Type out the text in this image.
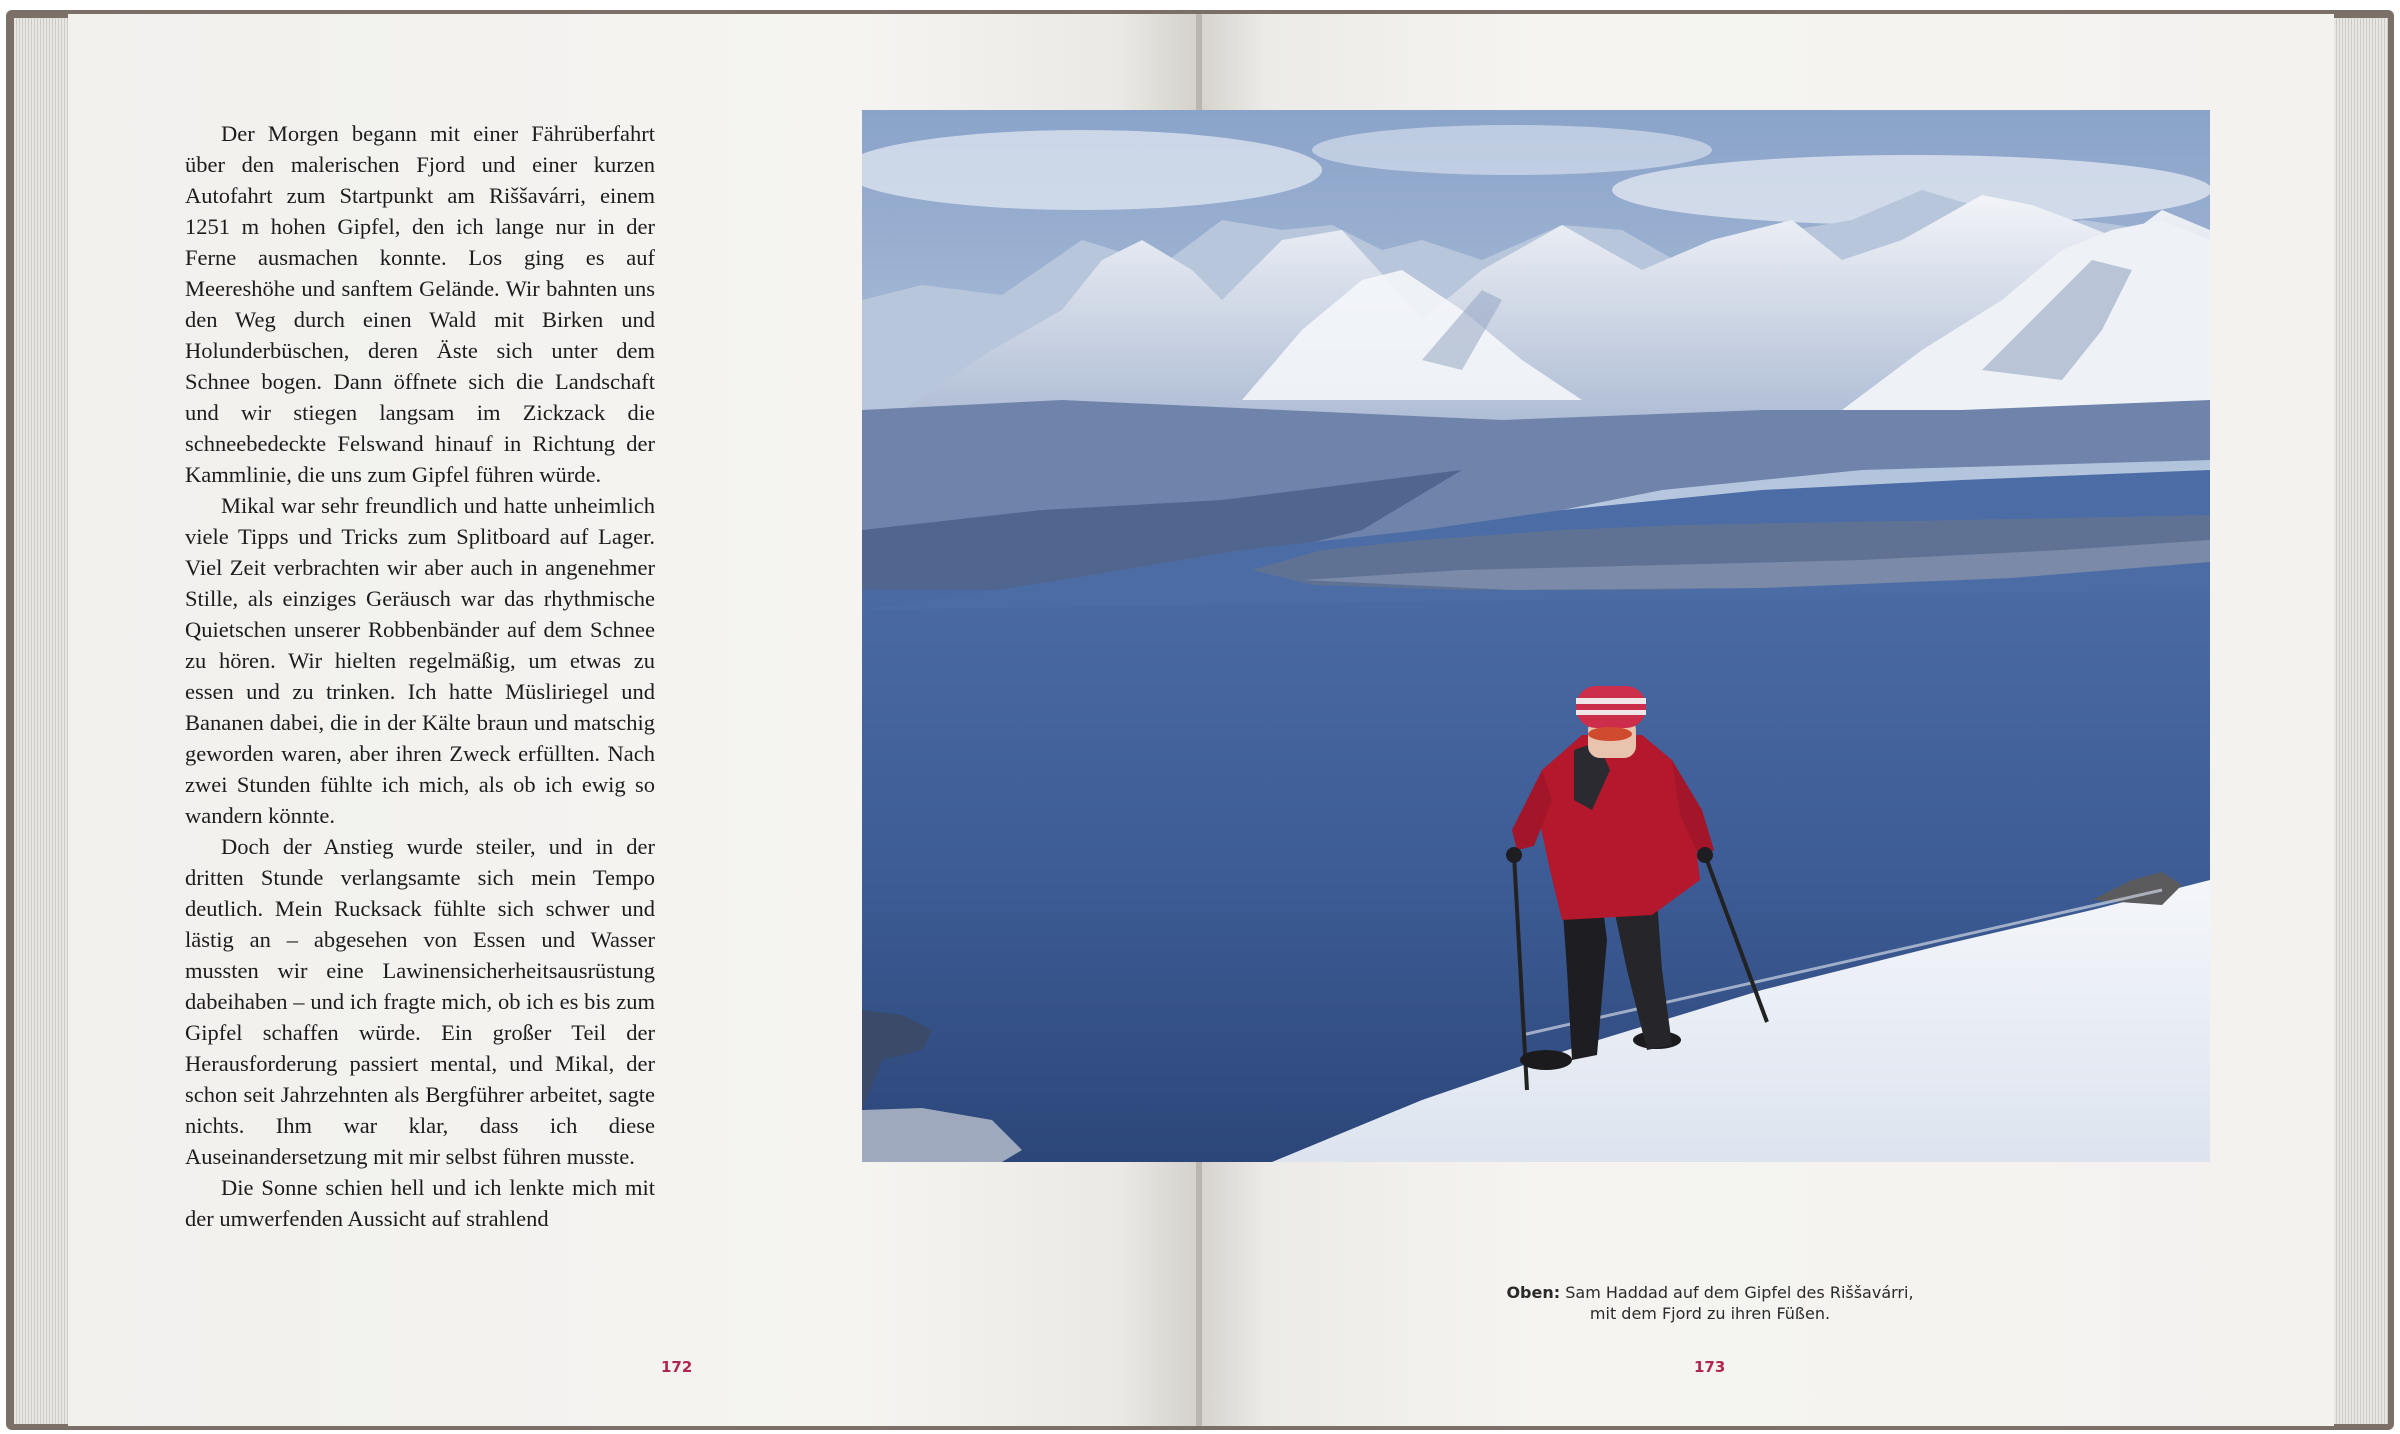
Der Morgen begann mit einer Fährüberfahrt über den malerischen Fjord und einer kurzen Autofahrt zum Startpunkt am Riššavárri, einem 1251 m hohen Gipfel, den ich lange nur in der Ferne ausmachen konnte. Los ging es auf Meereshöhe und sanftem Gelände. Wir bahnten uns den Weg durch einen Wald mit Birken und Holunderbüschen, deren Äste sich unter dem Schnee bogen. Dann öffnete sich die Landschaft und wir stiegen langsam im Zickzack die schneebedeckte Felswand hinauf in Richtung der Kammlinie, die uns zum Gipfel führen würde.

Mikal war sehr freundlich und hatte unheimlich viele Tipps und Tricks zum Splitboard auf Lager. Viel Zeit verbrachten wir aber auch in angenehmer Stille, als einziges Geräusch war das rhythmische Quietschen unserer Robbenbänder auf dem Schnee zu hören. Wir hielten regelmäßig, um etwas zu essen und zu trinken. Ich hatte Müsliriegel und Bananen dabei, die in der Kälte braun und matschig geworden waren, aber ihren Zweck erfüllten. Nach zwei Stunden fühlte ich mich, als ob ich ewig so wandern könnte.

Doch der Anstieg wurde steiler, und in der dritten Stunde verlangsamte sich mein Tempo deutlich. Mein Rucksack fühlte sich schwer und lästig an – abgesehen von Essen und Wasser mussten wir eine Lawinensicherheitsausrüstung dabeihaben – und ich fragte mich, ob ich es bis zum Gipfel schaffen würde. Ein großer Teil der Herausforderung passiert mental, und Mikal, der schon seit Jahrzehnten als Bergführer arbeitet, sagte nichts. Ihm war klar, dass ich diese Auseinandersetzung mit mir selbst führen musste.

Die Sonne schien hell und ich lenkte mich mit der umwerfenden Aussicht auf strahlend

172
Oben: Sam Haddad auf dem Gipfel des Riššavárri,
mit dem Fjord zu ihren Füßen.
173
